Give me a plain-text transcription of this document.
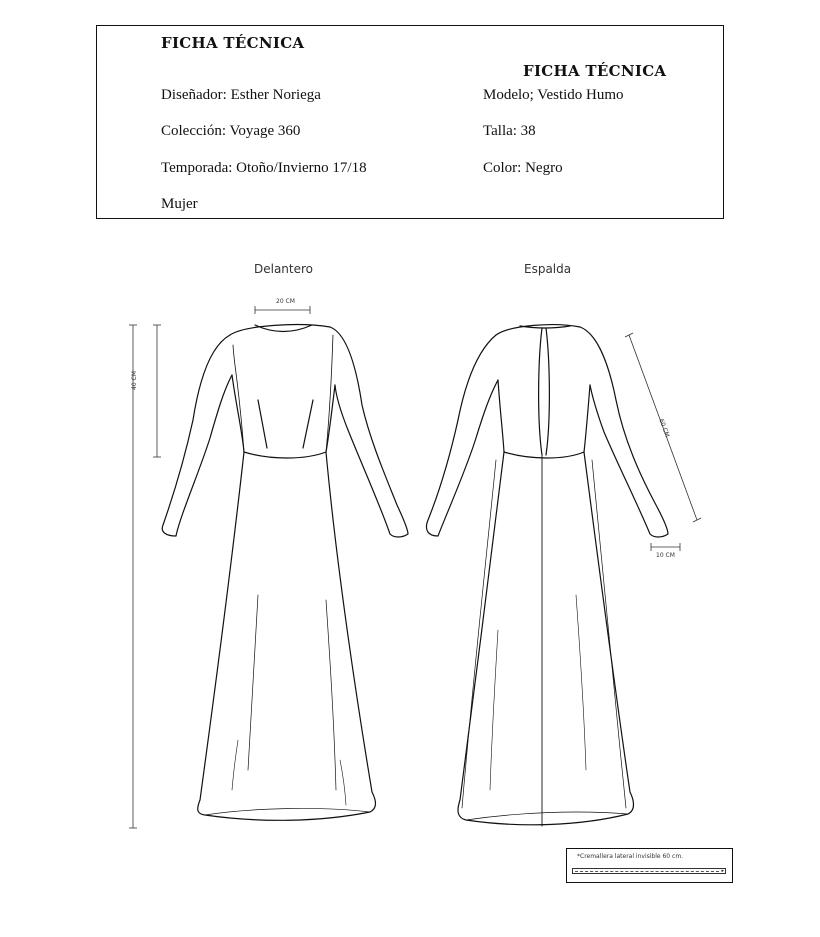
FICHA TÉCNICA
FICHA TÉCNICA
Diseñador: Esther Noriega
Colección: Voyage 360
Temporada: Otoño/Invierno 17/18
Mujer
Modelo; Vestido Humo
Talla: 38
Color: Negro
Delantero	Espalda
20 CM
40 CM
60 CM
10 CM
*Cremallera lateral invisible 60 cm.
▸
